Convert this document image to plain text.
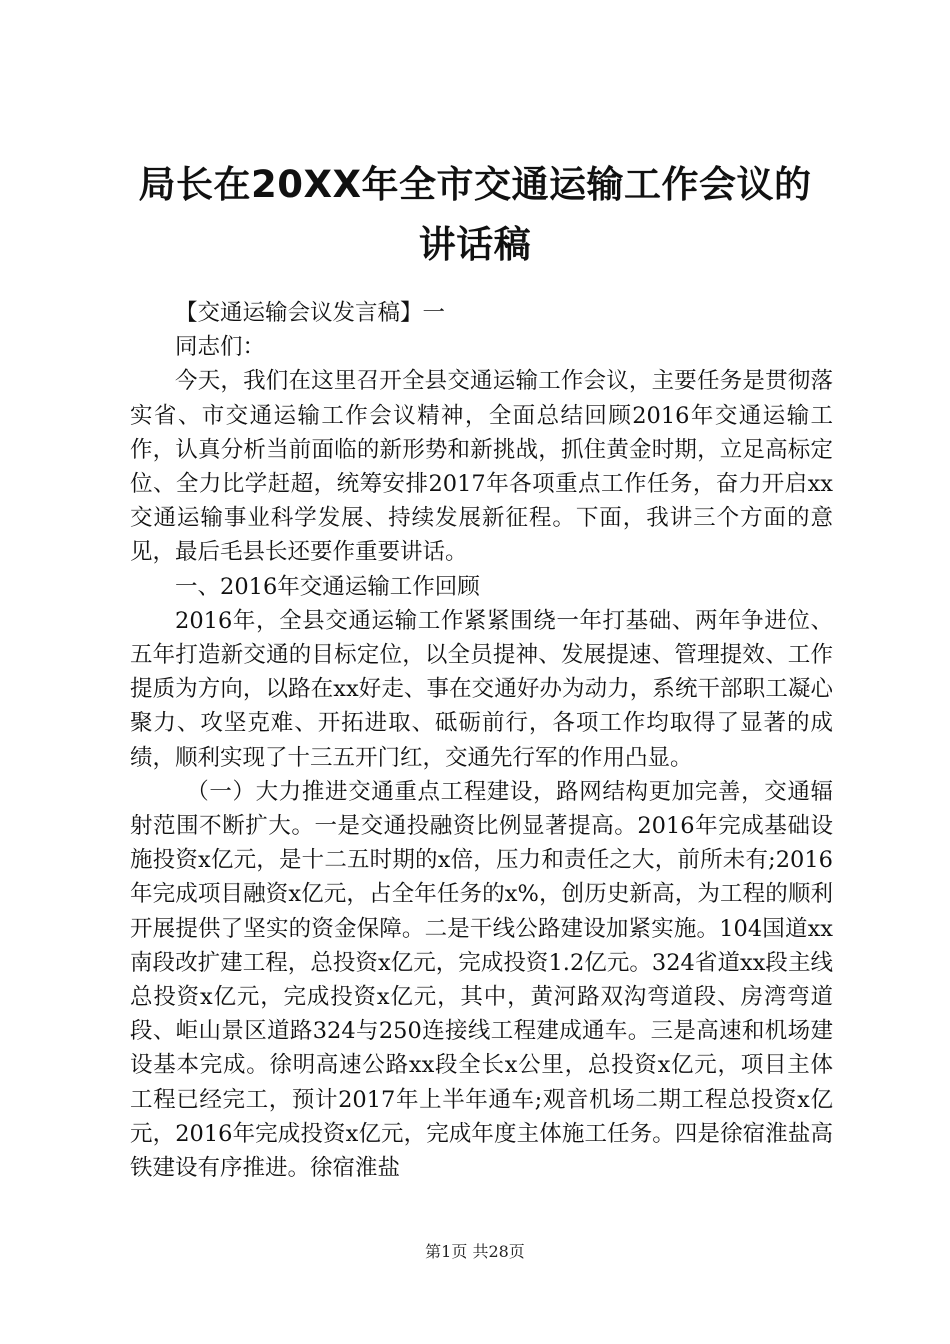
局长在20XX年全市交通运输工作会议的讲话稿

【交通运输会议发言稿】一

同志们：

今天，我们在这里召开全县交通运输工作会议，主要任务是贯彻落实省、市交通运输工作会议精神，全面总结回顾2016年交通运输工作，认真分析当前面临的新形势和新挑战，抓住黄金时期，立足高标定位、全力比学赶超，统筹安排2017年各项重点工作任务，奋力开启xx交通运输事业科学发展、持续发展新征程。下面，我讲三个方面的意见，最后毛县长还要作重要讲话。

一、2016年交通运输工作回顾

2016年，全县交通运输工作紧紧围绕一年打基础、两年争进位、五年打造新交通的目标定位，以全员提神、发展提速、管理提效、工作提质为方向，以路在xx好走、事在交通好办为动力，系统干部职工凝心聚力、攻坚克难、开拓进取、砥砺前行，各项工作均取得了显著的成绩，顺利实现了十三五开门红，交通先行军的作用凸显。

（一）大力推进交通重点工程建设，路网结构更加完善，交通辐射范围不断扩大。一是交通投融资比例显著提高。2016年完成基础设施投资x亿元，是十二五时期的x倍，压力和责任之大，前所未有;2016年完成项目融资x亿元，占全年任务的x%，创历史新高，为工程的顺利开展提供了坚实的资金保障。二是干线公路建设加紧实施。104国道xx南段改扩建工程，总投资x亿元，完成投资1.2亿元。324省道xx段主线总投资x亿元，完成投资x亿元，其中，黄河路双沟弯道段、房湾弯道段、岠山景区道路324与250连接线工程建成通车。三是高速和机场建设基本完成。徐明高速公路xx段全长x公里，总投资x亿元，项目主体工程已经完工，预计2017年上半年通车;观音机场二期工程总投资x亿元，2016年完成投资x亿元，完成年度主体施工任务。四是徐宿淮盐高铁建设有序推进。徐宿淮盐

第1页 共28页
